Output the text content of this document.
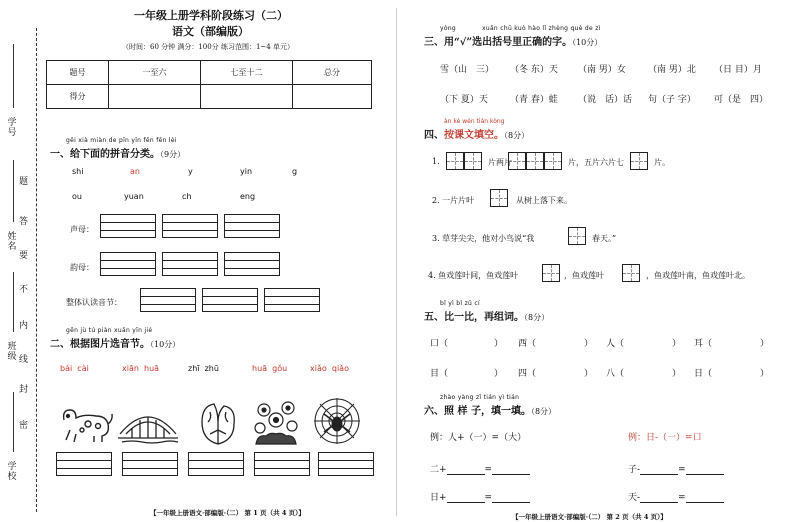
学校
班级
姓名
学号
密
封
线
内
不
要
答
题
一年级上册学科阶段练习（二）
语文（部编版）
（时间：60 分钟 满分：100分 练习范围：1~4 单元）
题号	一至六	七至十二	总分
得分			
gěi xià miàn de pīn yīn fēn fēn lèi
一、给下面的拼音分类。（9分）
shi	an	y	yin	g
ou	yuan	ch	eng
声母：
韵母：
整体认读音节：
gēn jù tú piàn xuǎn yīn jié
二、根据图片选音节。（10分）
bái cài	xiān huā	zhī zhū	huā gǒu	xiǎo qiǎo
【一年级上册语文·部编版·（二） 第 1 页（共 4 页）】
yòng	xuǎn chū kuò hào lǐ zhèng què de zì
三、用“√”选出括号里正确的字。（10分）
雪（山　三） （冬 东）天 （南 男）女 （南 男）北 （日 目）月
（下 夏）天 （青 春）蛙 （说　话）话 句（子 字） 可（是　四）
àn kè wén tián kòng
四、按课文填空。（8分）
1.	片两片	片，五片六片七	片。
2. 一片片叶	从树上落下来。
3. 草芽尖尖，他对小鸟说“我	春天。”
4. 鱼戏莲叶间，鱼戏莲叶	，鱼戏莲叶	，鱼戏莲叶南，鱼戏莲叶北。
bǐ yì bǐ zǔ cí
五、比一比，再组词。（8分）
口（	） 西（	） 人（	） 耳（	）
目（	） 四（	） 八（	） 日（	）
zhào yàng zǐ tián yì tián
六、照 样 子，填一填。（8分）
例：人+（一）=（大）	例：日-（一）=口
二+	=	子-	=
日+	=	天-	=
【一年级上册语文·部编版·（二） 第 2 页（共 4 页）】
